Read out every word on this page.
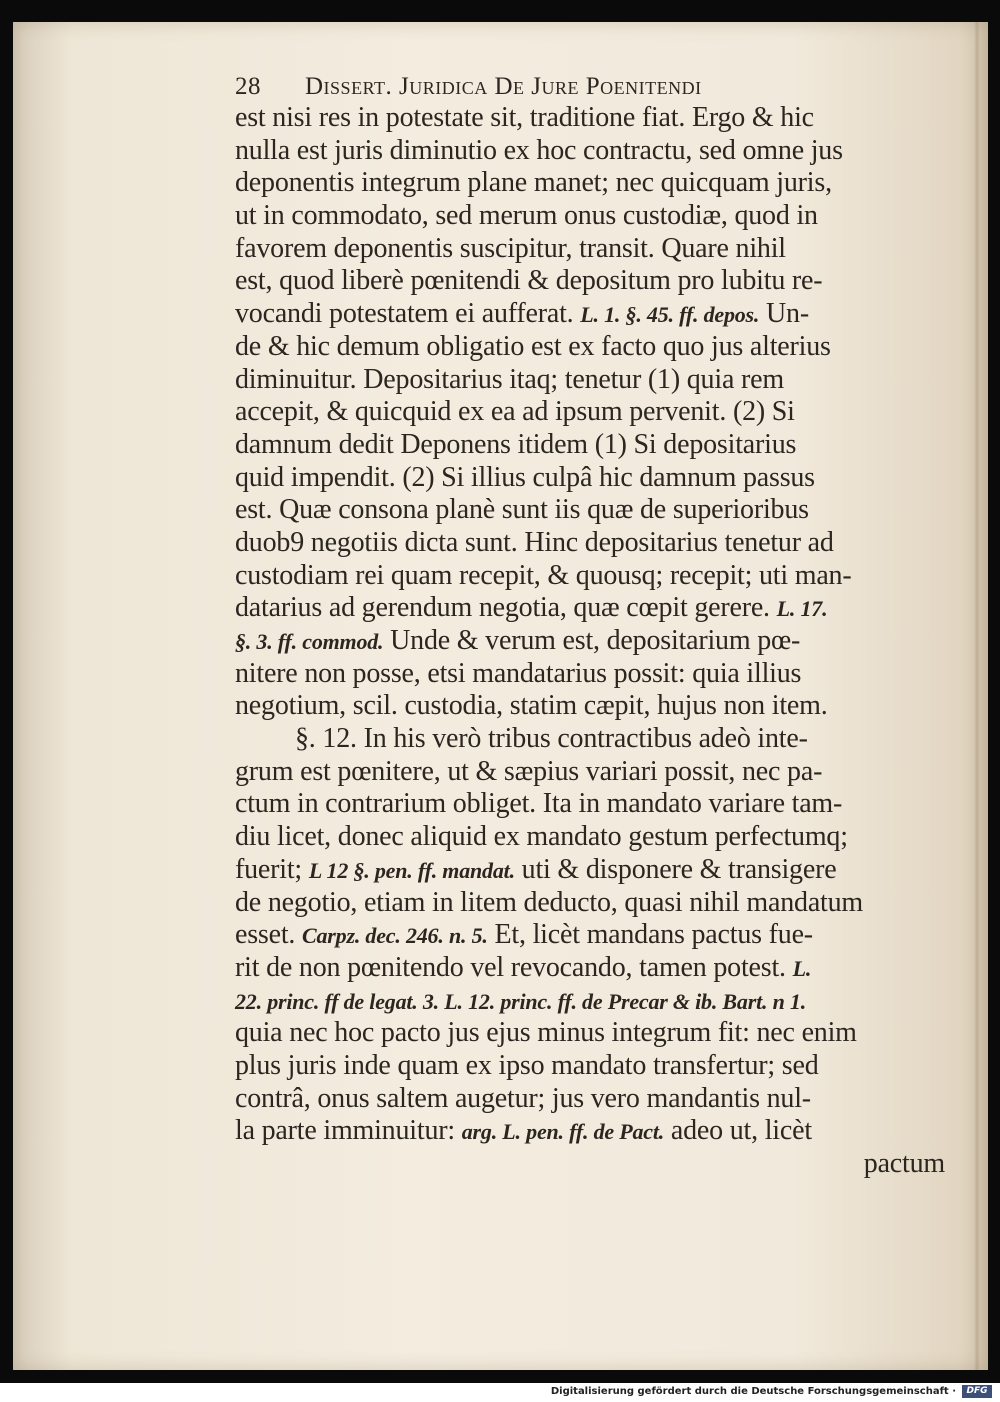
28 Dissert. Juridica De Jure Poenitendi
est nisi res in potestate sit, traditione fiat. Ergo & hic
nulla est juris diminutio ex hoc contractu, sed omne jus
deponentis integrum plane manet; nec quicquam juris,
ut in commodato, sed merum onus custodiæ, quod in
favorem deponentis suscipitur, transit. Quare nihil
est, quod liberè pœnitendi & depositum pro lubitu re-
vocandi potestatem ei aufferat. L. 1. §. 45. ff. depos. Un-
de & hic demum obligatio est ex facto quo jus alterius
diminuitur. Depositarius itaq; tenetur (1) quia rem
accepit, & quicquid ex ea ad ipsum pervenit. (2) Si
damnum dedit Deponens itidem (1) Si depositarius
quid impendit. (2) Si illius culpâ hic damnum passus
est. Quæ consona planè sunt iis quæ de superioribus
duob9 negotiis dicta sunt. Hinc depositarius tenetur ad
custodiam rei quam recepit, & quousq; recepit; uti man-
datarius ad gerendum negotia, quæ cœpit gerere. L. 17.
§. 3. ff. commod. Unde & verum est, depositarium pœ-
nitere non posse, etsi mandatarius possit: quia illius
negotium, scil. custodia, statim cæpit, hujus non item.
§. 12. In his verò tribus contractibus adeò inte-
grum est pœnitere, ut & sæpius variari possit, nec pa-
ctum in contrarium obliget. Ita in mandato variare tam-
diu licet, donec aliquid ex mandato gestum perfectumq;
fuerit; L 12 §. pen. ff. mandat. uti & disponere & transigere
de negotio, etiam in litem deducto, quasi nihil mandatum
esset. Carpz. dec. 246. n. 5. Et, licèt mandans pactus fue-
rit de non pœnitendo vel revocando, tamen potest. L.
22. princ. ff de legat. 3. L. 12. princ. ff. de Precar & ib. Bart. n 1.
quia nec hoc pacto jus ejus minus integrum fit: nec enim
plus juris inde quam ex ipso mandato transfertur; sed
contrâ, onus saltem augetur; jus vero mandantis nul-
la parte imminuitur: arg. L. pen. ff. de Pact. adeo ut, licèt
pactum
Digitalisierung gefördert durch die Deutsche Forschungsgemeinschaft ·	DFG
